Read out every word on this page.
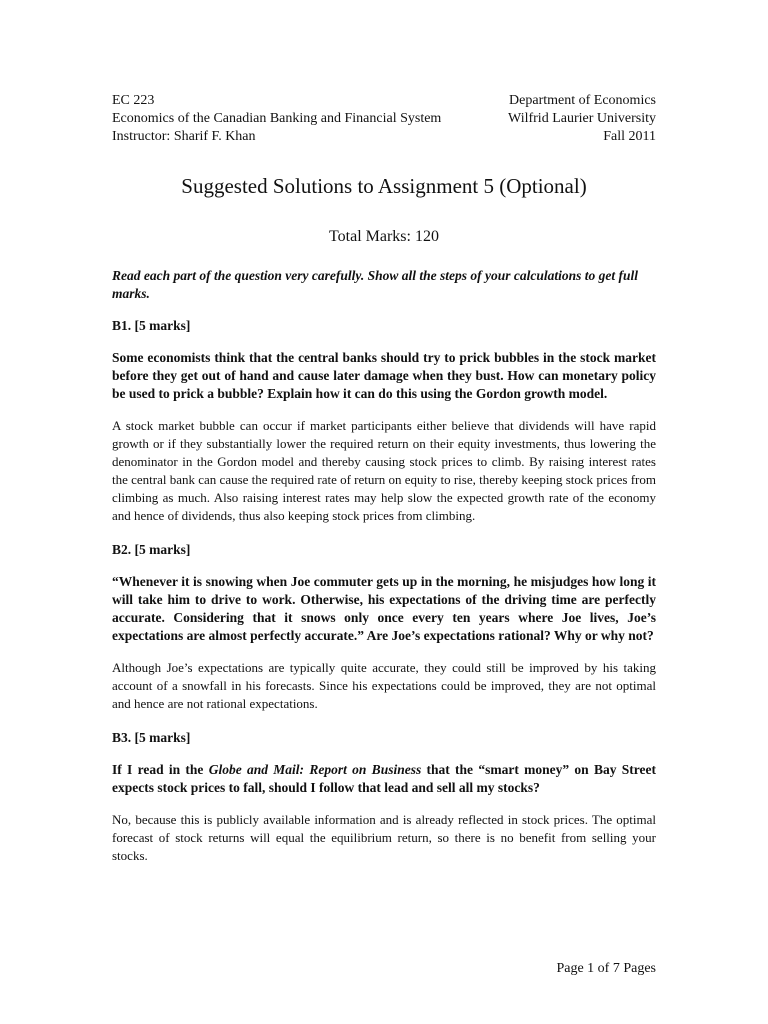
EC 223
Economics of the Canadian Banking and Financial System
Instructor: Sharif F. Khan
Department of Economics
Wilfrid Laurier University
Fall 2011
Suggested Solutions to Assignment 5 (Optional)
Total Marks: 120

Read each part of the question very carefully. Show all the steps of your calculations to get full marks.

B1. [5 marks]

Some economists think that the central banks should try to prick bubbles in the stock market before they get out of hand and cause later damage when they bust. How can monetary policy be used to prick a bubble? Explain how it can do this using the Gordon growth model.

A stock market bubble can occur if market participants either believe that dividends will have rapid growth or if they substantially lower the required return on their equity investments, thus lowering the denominator in the Gordon model and thereby causing stock prices to climb. By raising interest rates the central bank can cause the required rate of return on equity to rise, thereby keeping stock prices from climbing as much. Also raising interest rates may help slow the expected growth rate of the economy and hence of dividends, thus also keeping stock prices from climbing.

B2. [5 marks]

“Whenever it is snowing when Joe commuter gets up in the morning, he misjudges how long it will take him to drive to work. Otherwise, his expectations of the driving time are perfectly accurate. Considering that it snows only once every ten years where Joe lives, Joe’s expectations are almost perfectly accurate.” Are Joe’s expectations rational? Why or why not?

Although Joe’s expectations are typically quite accurate, they could still be improved by his taking account of a snowfall in his forecasts. Since his expectations could be improved, they are not optimal and hence are not rational expectations.

B3. [5 marks]

If I read in the Globe and Mail: Report on Business that the “smart money” on Bay Street expects stock prices to fall, should I follow that lead and sell all my stocks?

No, because this is publicly available information and is already reflected in stock prices. The optimal forecast of stock returns will equal the equilibrium return, so there is no benefit from selling your stocks.

Page 1 of 7 Pages
